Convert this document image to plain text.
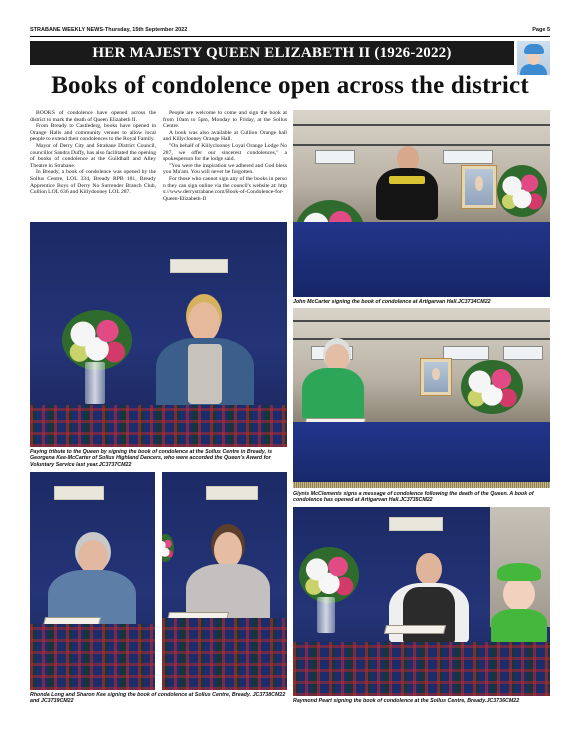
STRABANE WEEKLY NEWS-Thursday, 15th September 2022	Page 5
HER MAJESTY QUEEN ELIZABETH II (1926-2022)
Books of condolence open across the district

BOOKS of condolence have opened across the district to mark the death of Queen Elizabeth II.

From Bready to Castlederg, books have opened in Orange Halls and community venues to allow local people to extend their condolences to the Royal Family.

Mayor of Derry City and Strabane District Council, councillor Sandra Duffy, has also facilitated the opening of books of condolence at the Guildhall and Alley Theatre in Strabane.

In Bready, a book of condolence was opened by the Sollus Centre, LOL 334, Bready RPB 181, Bready Apprentice Boys of Derry No Surrender Branch Club, Cullion LOL 636 and Killydooney LOL 287.

People are welcome to come and sign the book at from 10am to 5pm, Monday to Friday, at the Sollus Centre.

A book was also available at Cullion Orange hall and Killyclooney Orange Hall.

"On behalf of Killyclooney Loyal Orange Lodge No 287, we offer our sincerest condolences," a spokesperson for the lodge said.

"You were the inspiration we adhered and God bless you Ma'am. You will never be forgotten.

For those who cannot sign any of the books in person they can sign online via the council's website at: https://www.derrystrabane.com/Book-of-Condolence-for-Queen-Elizabeth-II

John McCarter signing the book of condolence at Artigarvan Hall.JC3734CM22
Paying tribute to the Queen by signing the book of condolence at the Sollus Centre in Bready, is Georgena Kee-McCarter of Sollus Highland Dancers, who were accorded the Queen's Award for Voluntary Service last year.JC3737CM22
Glynis McClements signs a message of condolence following the death of the Queen. A book of condolence has opened at Artigarvan Hall.JC3735CM22
Rhonda Long and Sharon Kee signing the book of condolence at Sollus Centre, Bready. JC3738CM22 and JC3739CM22	Raymond Peart signing the book of condolence at the Sollus Centre, Bready.JC3736CM22
